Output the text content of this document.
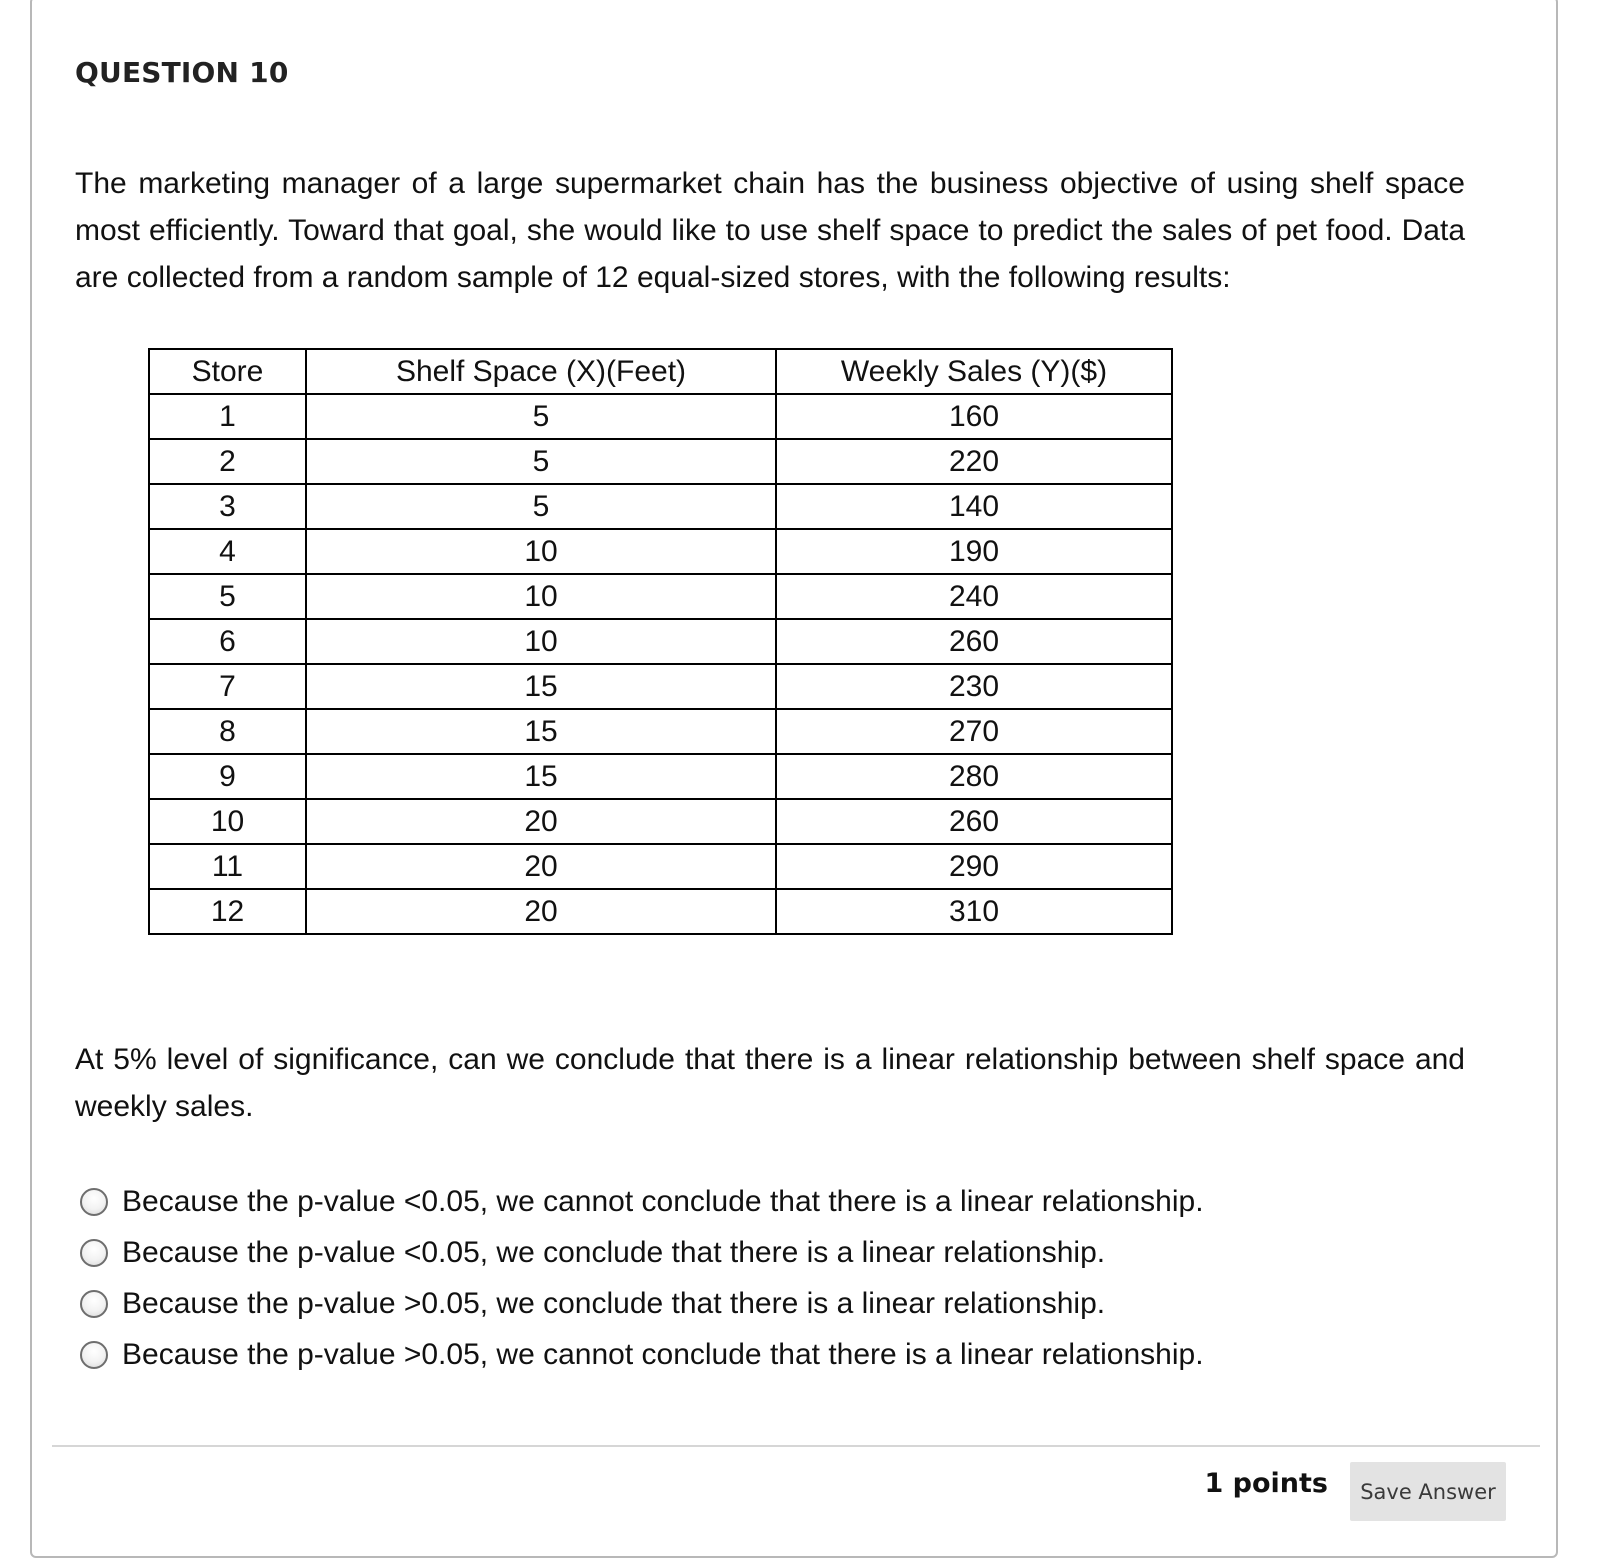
QUESTION 10

The marketing manager of a large supermarket chain has the business objective of using shelf space most efficiently. Toward that goal, she would like to use shelf space to predict the sales of pet food. Data are collected from a random sample of 12 equal-sized stores, with the following results:

Store	Shelf Space (X)(Feet)	Weekly Sales (Y)($)
1	5	160
2	5	220
3	5	140
4	10	190
5	10	240
6	10	260
7	15	230
8	15	270
9	15	280
10	20	260
11	20	290
12	20	310

At 5% level of significance, can we conclude that there is a linear relationship between shelf space and weekly sales.

Because the p-value <0.05, we cannot conclude that there is a linear relationship.
Because the p-value <0.05, we conclude that there is a linear relationship.
Because the p-value >0.05, we conclude that there is a linear relationship.
Because the p-value >0.05, we cannot conclude that there is a linear relationship.
1 points	Save Answer
